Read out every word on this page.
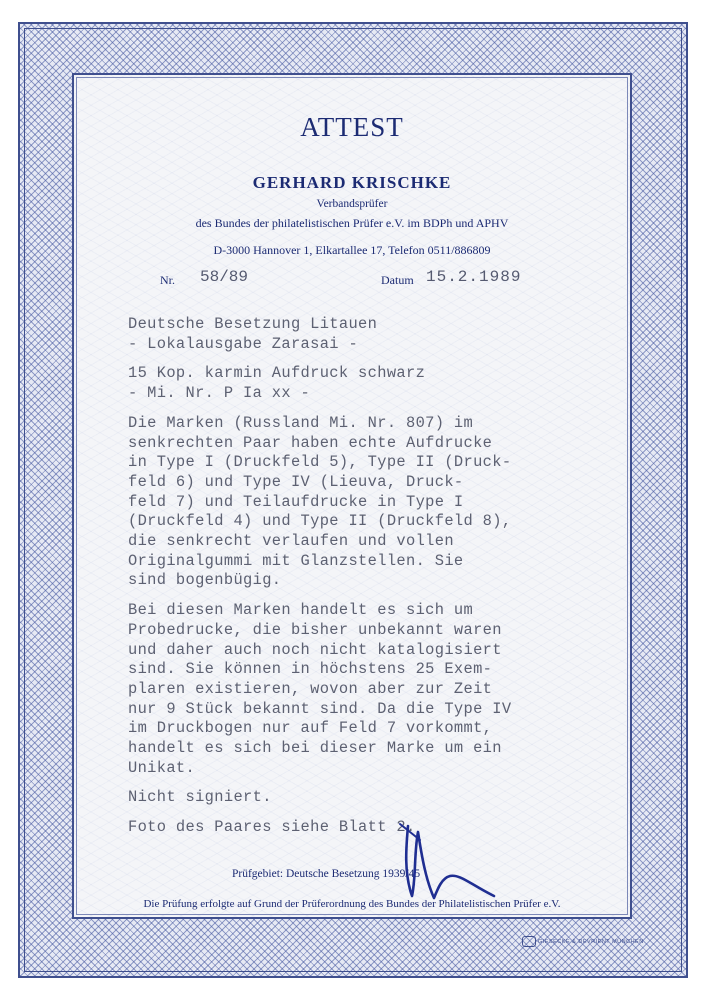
ATTEST
GERHARD KRISCHKE
Verbandsprüfer
des Bundes der philatelistischen Prüfer e.V. im BDPh und APHV
D-3000 Hannover 1, Elkartallee 17, Telefon 0511/886809
Nr. 58/89	Datum 15.2.1989
Deutsche Besetzung Litauen
- Lokalausgabe Zarasai -
15 Kop. karmin Aufdruck schwarz
- Mi. Nr. P Ia xx -
Die Marken (Russland Mi. Nr. 807) im
senkrechten Paar haben echte Aufdrucke
in Type I (Druckfeld 5), Type II (Druck-
feld 6) und Type IV (Lieuva, Druck-
feld 7) und Teilaufdrucke in Type I
(Druckfeld 4) und Type II (Druckfeld 8),
die senkrecht verlaufen und vollen
Originalgummi mit Glanzstellen. Sie
sind bogenbügig.
Bei diesen Marken handelt es sich um
Probedrucke, die bisher unbekannt waren
und daher auch noch nicht katalogisiert
sind. Sie können in höchstens 25 Exem-
plaren existieren, wovon aber zur Zeit
nur 9 Stück bekannt sind. Da die Type IV
im Druckbogen nur auf Feld 7 vorkommt,
handelt es sich bei dieser Marke um ein
Unikat.
Nicht signiert.
Foto des Paares siehe Blatt 2.
Prüfgebiet: Deutsche Besetzung 1939/45
Die Prüfung erfolgte auf Grund der Prüferordnung des Bundes der Philatelistischen Prüfer e.V.
GIESECKE & DEVRIENT MÜNCHEN
